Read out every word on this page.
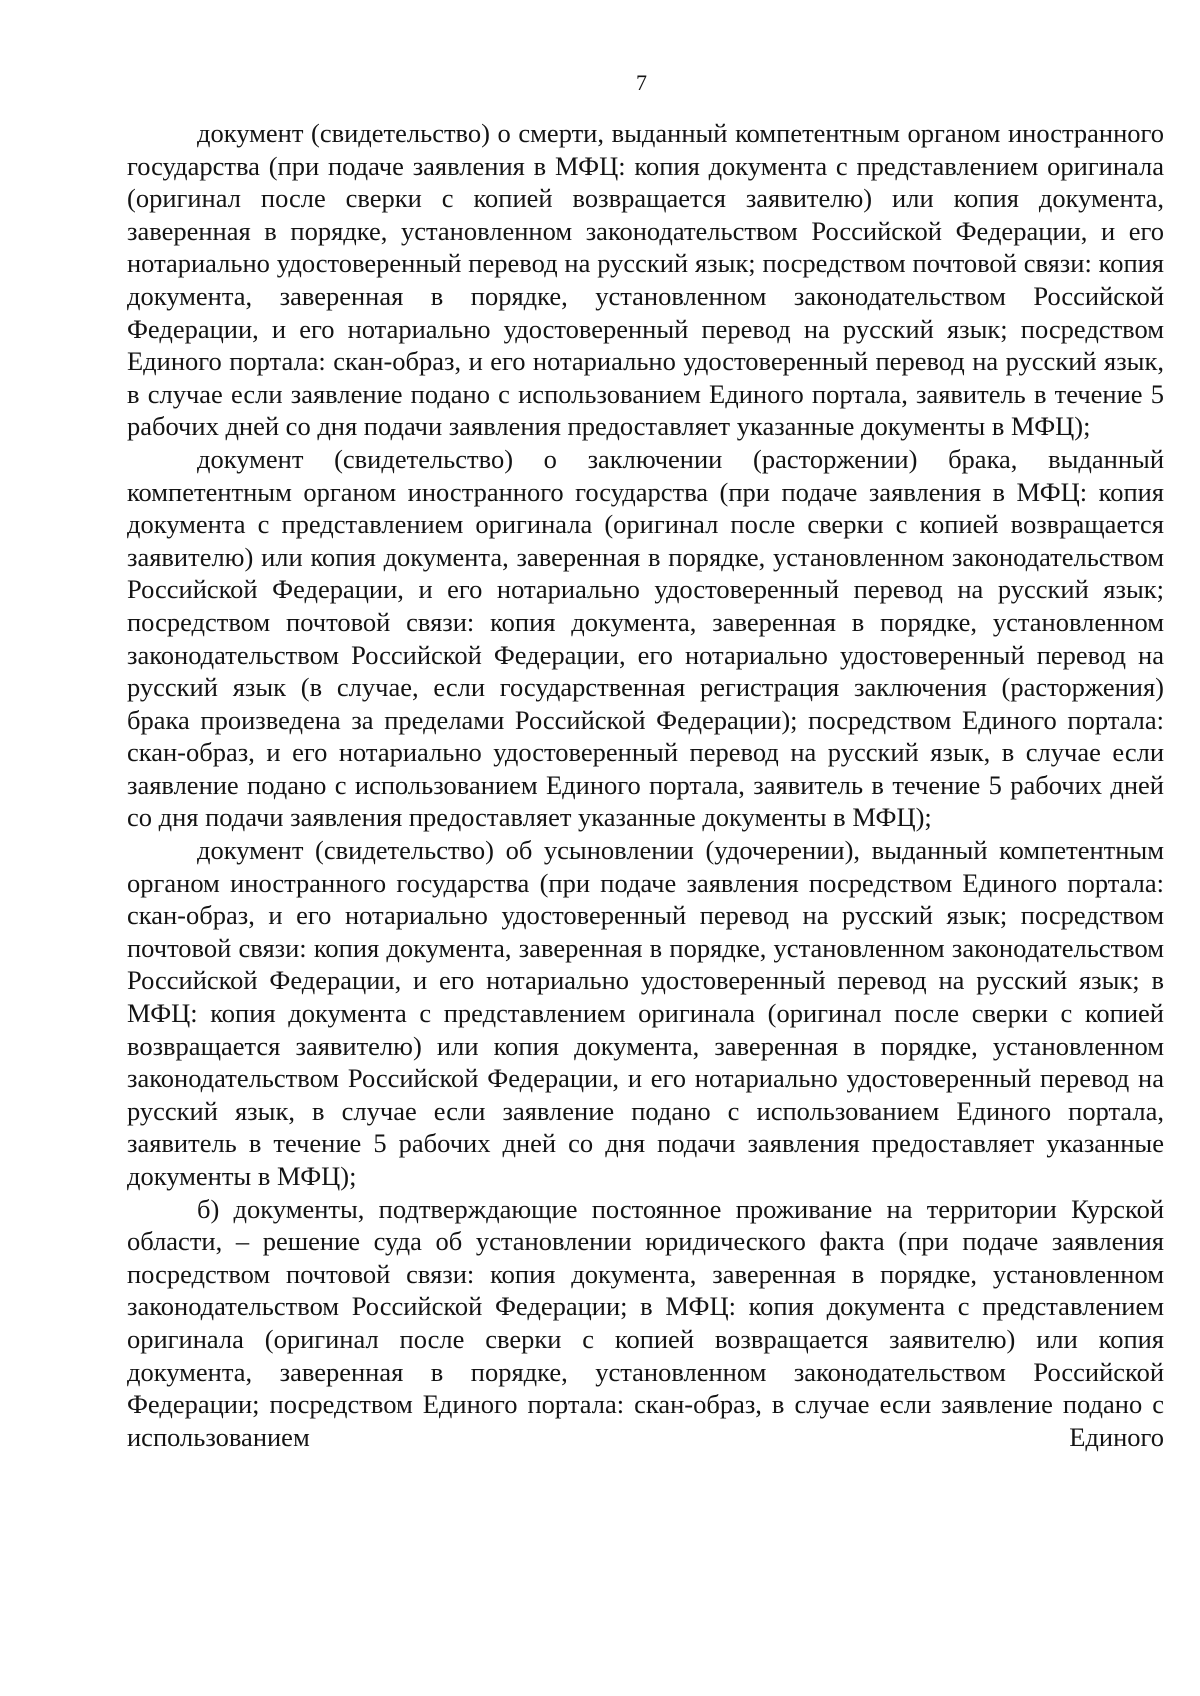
7

документ (свидетельство) о смерти, выданный компетентным органом иностранного государства (при подаче заявления в МФЦ: копия документа с представлением оригинала (оригинал после сверки с копией возвращается заявителю) или копия документа, заверенная в порядке, установленном законодательством Российской Федерации, и его нотариально удостоверенный перевод на русский язык; посредством почтовой связи: копия документа, заверенная в порядке, установленном законодательством Российской Федерации, и его нотариально удостоверенный перевод на русский язык; посредством Единого портала: скан-образ, и его нотариально удостоверенный перевод на русский язык, в случае если заявление подано с использованием Единого портала, заявитель в течение 5 рабочих дней со дня подачи заявления предоставляет указанные документы в МФЦ);

документ (свидетельство) о заключении (расторжении) брака, выданный компетентным органом иностранного государства (при подаче заявления в МФЦ: копия документа с представлением оригинала (оригинал после сверки с копией возвращается заявителю) или копия документа, заверенная в порядке, установленном законодательством Российской Федерации, и его нотариально удостоверенный перевод на русский язык; посредством почтовой связи: копия документа, заверенная в порядке, установленном законодательством Российской Федерации, его нотариально удостоверенный перевод на русский язык (в случае, если государственная регистрация заключения (расторжения) брака произведена за пределами Российской Федерации); посредством Единого портала: скан-образ, и его нотариально удостоверенный перевод на русский язык, в случае если заявление подано с использованием Единого портала, заявитель в течение 5 рабочих дней со дня подачи заявления предоставляет указанные документы в МФЦ);

документ (свидетельство) об усыновлении (удочерении), выданный компетентным органом иностранного государства (при подаче заявления посредством Единого портала: скан-образ, и его нотариально удостоверенный перевод на русский язык; посредством почтовой связи: копия документа, заверенная в порядке, установленном законодательством Российской Федерации, и его нотариально удостоверенный перевод на русский язык; в МФЦ: копия документа с представлением оригинала (оригинал после сверки с копией возвращается заявителю) или копия документа, заверенная в порядке, установленном законодательством Российской Федерации, и его нотариально удостоверенный перевод на русский язык, в случае если заявление подано с использованием Единого портала, заявитель в течение 5 рабочих дней со дня подачи заявления предоставляет указанные документы в МФЦ);

б) документы, подтверждающие постоянное проживание на территории Курской области, – решение суда об установлении юридического факта (при подаче заявления посредством почтовой связи: копия документа, заверенная в порядке, установленном законодательством Российской Федерации; в МФЦ: копия документа с представлением оригинала (оригинал после сверки с копией возвращается заявителю) или копия документа, заверенная в порядке, установленном законодательством Российской Федерации; посредством Единого портала: скан-образ, в случае если заявление подано с использованием Единого
